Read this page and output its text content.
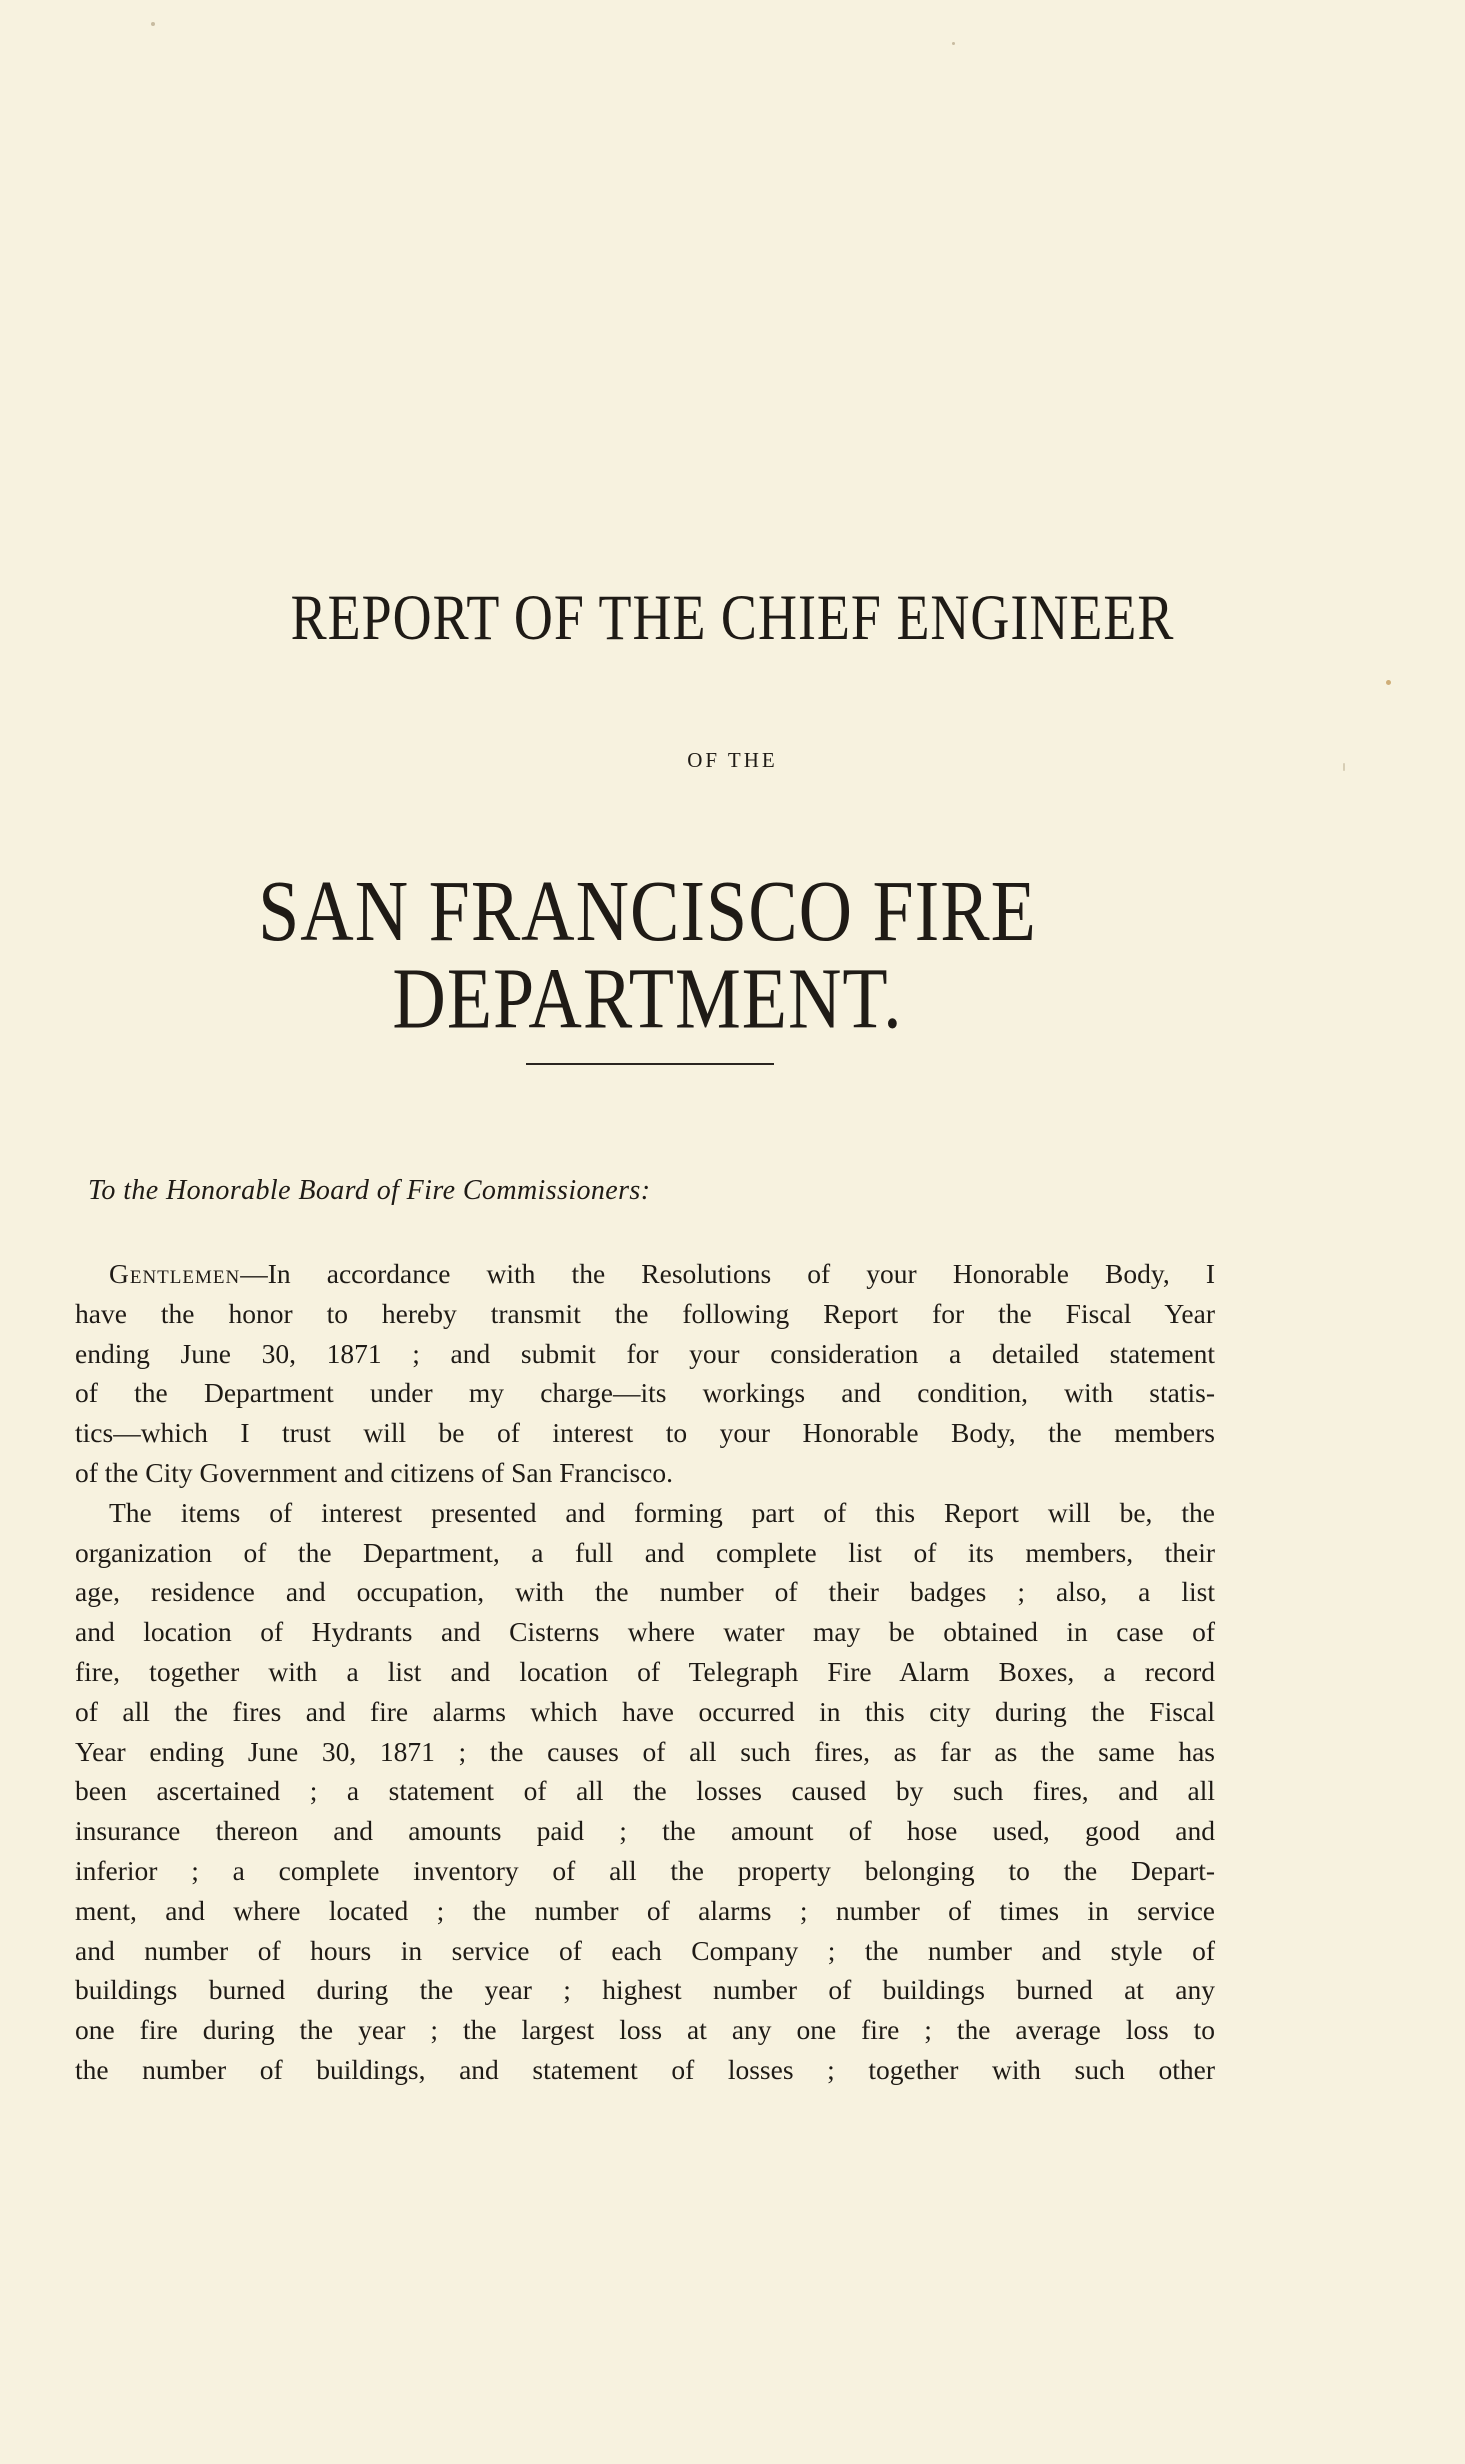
REPORT OF THE CHIEF ENGINEER
OF THE
SAN FRANCISCO FIRE DEPARTMENT.
To the Honorable Board of Fire Commissioners:
Gentlemen—In accordance with the Resolutions of your Honorable Body, I
have the honor to hereby transmit the following Report for the Fiscal Year
ending June 30, 1871 ; and submit for your consideration a detailed statement
of the Department under my charge—its workings and condition, with statis-
tics—which I trust will be of interest to your Honorable Body, the members
of the City Government and citizens of San Francisco.
The items of interest presented and forming part of this Report will be, the
organization of the Department, a full and complete list of its members, their
age, residence and occupation, with the number of their badges ; also, a list
and location of Hydrants and Cisterns where water may be obtained in case of
fire, together with a list and location of Telegraph Fire Alarm Boxes, a record
of all the fires and fire alarms which have occurred in this city during the Fiscal
Year ending June 30, 1871 ; the causes of all such fires, as far as the same has
been ascertained ; a statement of all the losses caused by such fires, and all
insurance thereon and amounts paid ; the amount of hose used, good and
inferior ; a complete inventory of all the property belonging to the Depart-
ment, and where located ; the number of alarms ; number of times in service
and number of hours in service of each Company ; the number and style of
buildings burned during the year ; highest number of buildings burned at any
one fire during the year ; the largest loss at any one fire ; the average loss to
the number of buildings, and statement of losses ; together with such other
